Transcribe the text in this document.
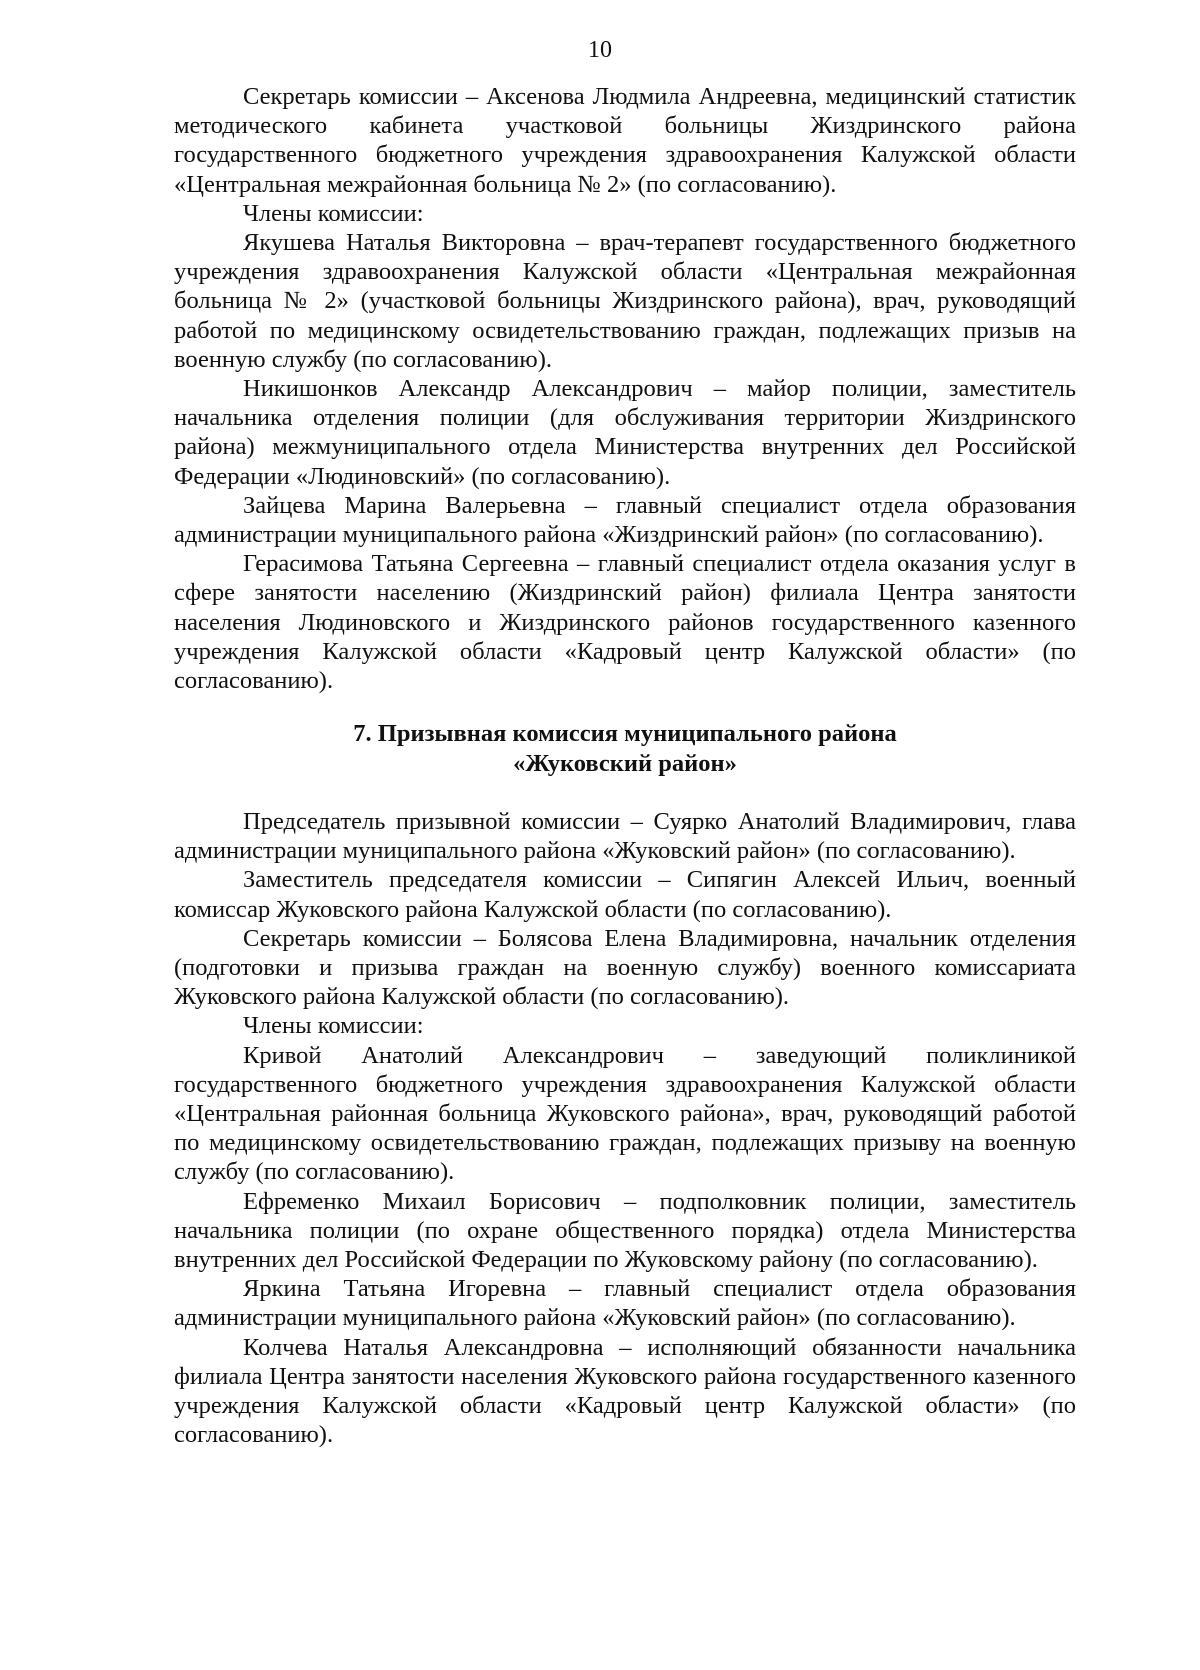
10

Секретарь комиссии – Аксенова Людмила Андреевна, медицинский статистик методического кабинета участковой больницы Жиздринского района государственного бюджетного учреждения здравоохранения Калужской области «Центральная межрайонная больница № 2» (по согласованию).

Члены комиссии:

Якушева Наталья Викторовна – врач-терапевт государственного бюджетного учреждения здравоохранения Калужской области «Центральная межрайонная больница № 2» (участковой больницы Жиздринского района), врач, руководящий работой по медицинскому освидетельствованию граждан, подлежащих призыв на военную службу (по согласованию).

Никишонков Александр Александрович – майор полиции, заместитель начальника отделения полиции (для обслуживания территории Жиздринского района) межмуниципального отдела Министерства внутренних дел Российской Федерации «Людиновский» (по согласованию).

Зайцева Марина Валерьевна – главный специалист отдела образования администрации муниципального района «Жиздринский район» (по согласованию).

Герасимова Татьяна Сергеевна – главный специалист отдела оказания услуг в сфере занятости населению (Жиздринский район) филиала Центра занятости населения Людиновского и Жиздринского районов государственного казенного учреждения Калужской области «Кадровый центр Калужской области» (по согласованию).

7. Призывная комиссия муниципального района
«Жуковский район»

Председатель призывной комиссии – Суярко Анатолий Владимирович, глава администрации муниципального района «Жуковский район» (по согласованию).

Заместитель председателя комиссии – Сипягин Алексей Ильич, военный комиссар Жуковского района Калужской области (по согласованию).

Секретарь комиссии – Болясова Елена Владимировна, начальник отделения (подготовки и призыва граждан на военную службу) военного комиссариата Жуковского района Калужской области (по согласованию).

Члены комиссии:

Кривой Анатолий Александрович – заведующий поликлиникой государственного бюджетного учреждения здравоохранения Калужской области «Центральная районная больница Жуковского района», врач, руководящий работой по медицинскому освидетельствованию граждан, подлежащих призыву на военную службу (по согласованию).

Ефременко Михаил Борисович – подполковник полиции, заместитель начальника полиции (по охране общественного порядка) отдела Министерства внутренних дел Российской Федерации по Жуковскому району (по согласованию).

Яркина Татьяна Игоревна – главный специалист отдела образования администрации муниципального района «Жуковский район» (по согласованию).

Колчева Наталья Александровна – исполняющий обязанности начальника филиала Центра занятости населения Жуковского района государственного казенного учреждения Калужской области «Кадровый центр Калужской области» (по согласованию).
